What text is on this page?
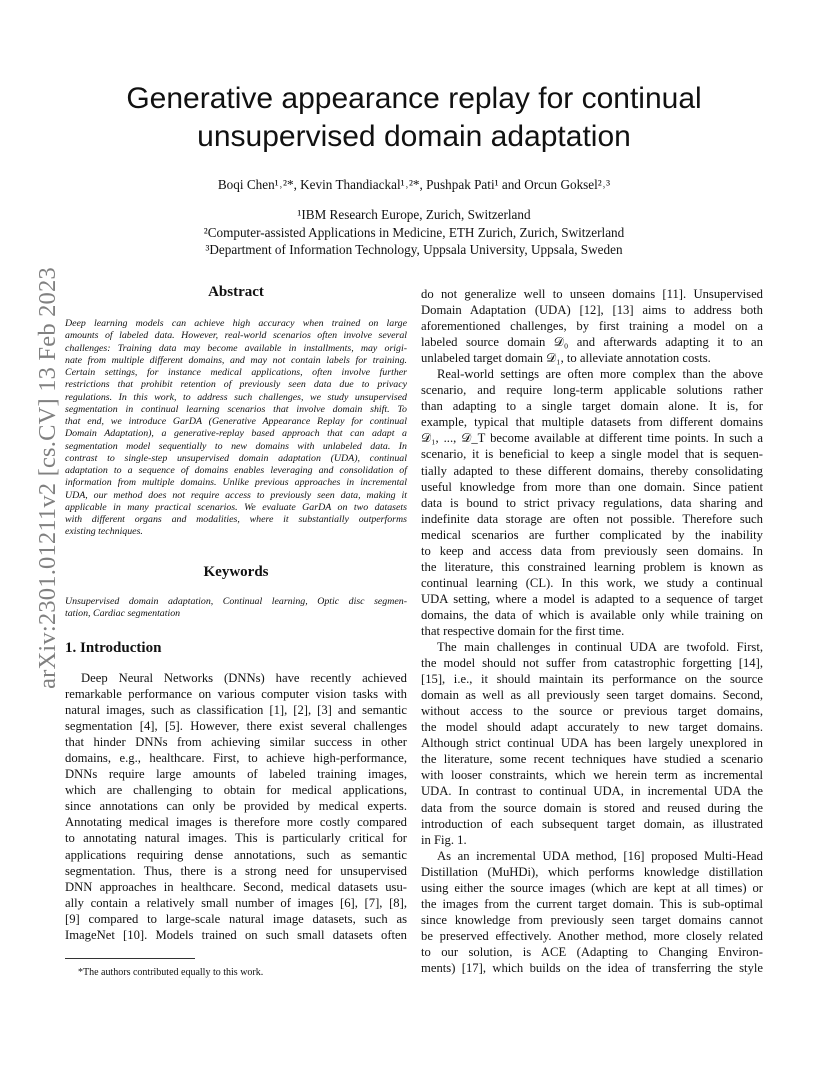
Generative appearance replay for continual
unsupervised domain adaptation
Boqi Chen¹˒²*, Kevin Thandiackal¹˒²*, Pushpak Pati¹ and Orcun Goksel²˒³
¹IBM Research Europe, Zurich, Switzerland
²Computer-assisted Applications in Medicine, ETH Zurich, Zurich, Switzerland
³Department of Information Technology, Uppsala University, Uppsala, Sweden
arXiv:2301.01211v2 [cs.CV] 13 Feb 2023	Abstract
Deep learning models can achieve high accuracy when trained on large
amounts of labeled data. However, real-world scenarios often involve several
challenges: Training data may become available in installments, may origi-
nate from multiple different domains, and may not contain labels for training.
Certain settings, for instance medical applications, often involve further
restrictions that prohibit retention of previously seen data due to privacy
regulations. In this work, to address such challenges, we study unsupervised
segmentation in continual learning scenarios that involve domain shift. To
that end, we introduce GarDA (Generative Appearance Replay for continual
Domain Adaptation), a generative-replay based approach that can adapt a
segmentation model sequentially to new domains with unlabeled data. In
contrast to single-step unsupervised domain adaptation (UDA), continual
adaptation to a sequence of domains enables leveraging and consolidation of
information from multiple domains. Unlike previous approaches in incremental
UDA, our method does not require access to previously seen data, making it
applicable in many practical scenarios. We evaluate GarDA on two datasets
with different organs and modalities, where it substantially outperforms
existing techniques.
Keywords
Unsupervised domain adaptation, Continual learning, Optic disc segmen-
tation, Cardiac segmentation
1. Introduction
Deep Neural Networks (DNNs) have recently achieved
remarkable performance on various computer vision tasks with
natural images, such as classification [1], [2], [3] and semantic
segmentation [4], [5]. However, there exist several challenges
that hinder DNNs from achieving similar success in other
domains, e.g., healthcare. First, to achieve high-performance,
DNNs require large amounts of labeled training images,
which are challenging to obtain for medical applications,
since annotations can only be provided by medical experts.
Annotating medical images is therefore more costly compared
to annotating natural images. This is particularly critical for
applications requiring dense annotations, such as semantic
segmentation. Thus, there is a strong need for unsupervised
DNN approaches in healthcare. Second, medical datasets usu-
ally contain a relatively small number of images [6], [7], [8],
[9] compared to large-scale natural image datasets, such as
ImageNet [10]. Models trained on such small datasets often
do not generalize well to unseen domains [11]. Unsupervised
Domain Adaptation (UDA) [12], [13] aims to address both
aforementioned challenges, by first training a model on a
labeled source domain 𝒟₀ and afterwards adapting it to an
unlabeled target domain 𝒟₁, to alleviate annotation costs.
Real-world settings are often more complex than the above
scenario, and require long-term applicable solutions rather
than adapting to a single target domain alone. It is, for
example, typical that multiple datasets from different domains
𝒟₁, ..., 𝒟_T become available at different time points. In such a
scenario, it is beneficial to keep a single model that is sequen-
tially adapted to these different domains, thereby consolidating
useful knowledge from more than one domain. Since patient
data is bound to strict privacy regulations, data sharing and
indefinite data storage are often not possible. Therefore such
medical scenarios are further complicated by the inability
to keep and access data from previously seen domains. In
the literature, this constrained learning problem is known as
continual learning (CL). In this work, we study a continual
UDA setting, where a model is adapted to a sequence of target
domains, the data of which is available only while training on
that respective domain for the first time.
The main challenges in continual UDA are twofold. First,
the model should not suffer from catastrophic forgetting [14],
[15], i.e., it should maintain its performance on the source
domain as well as all previously seen target domains. Second,
without access to the source or previous target domains,
the model should adapt accurately to new target domains.
Although strict continual UDA has been largely unexplored in
the literature, some recent techniques have studied a scenario
with looser constraints, which we herein term as incremental
UDA. In contrast to continual UDA, in incremental UDA the
data from the source domain is stored and reused during the
introduction of each subsequent target domain, as illustrated
in Fig. 1.
As an incremental UDA method, [16] proposed Multi-Head
Distillation (MuHDi), which performs knowledge distillation
using either the source images (which are kept at all times) or
the images from the current target domain. This is sub-optimal
since knowledge from previously seen target domains cannot
be preserved effectively. Another method, more closely related
to our solution, is ACE (Adapting to Changing Environ-
ments) [17], which builds on the idea of transferring the style
*The authors contributed equally to this work.
